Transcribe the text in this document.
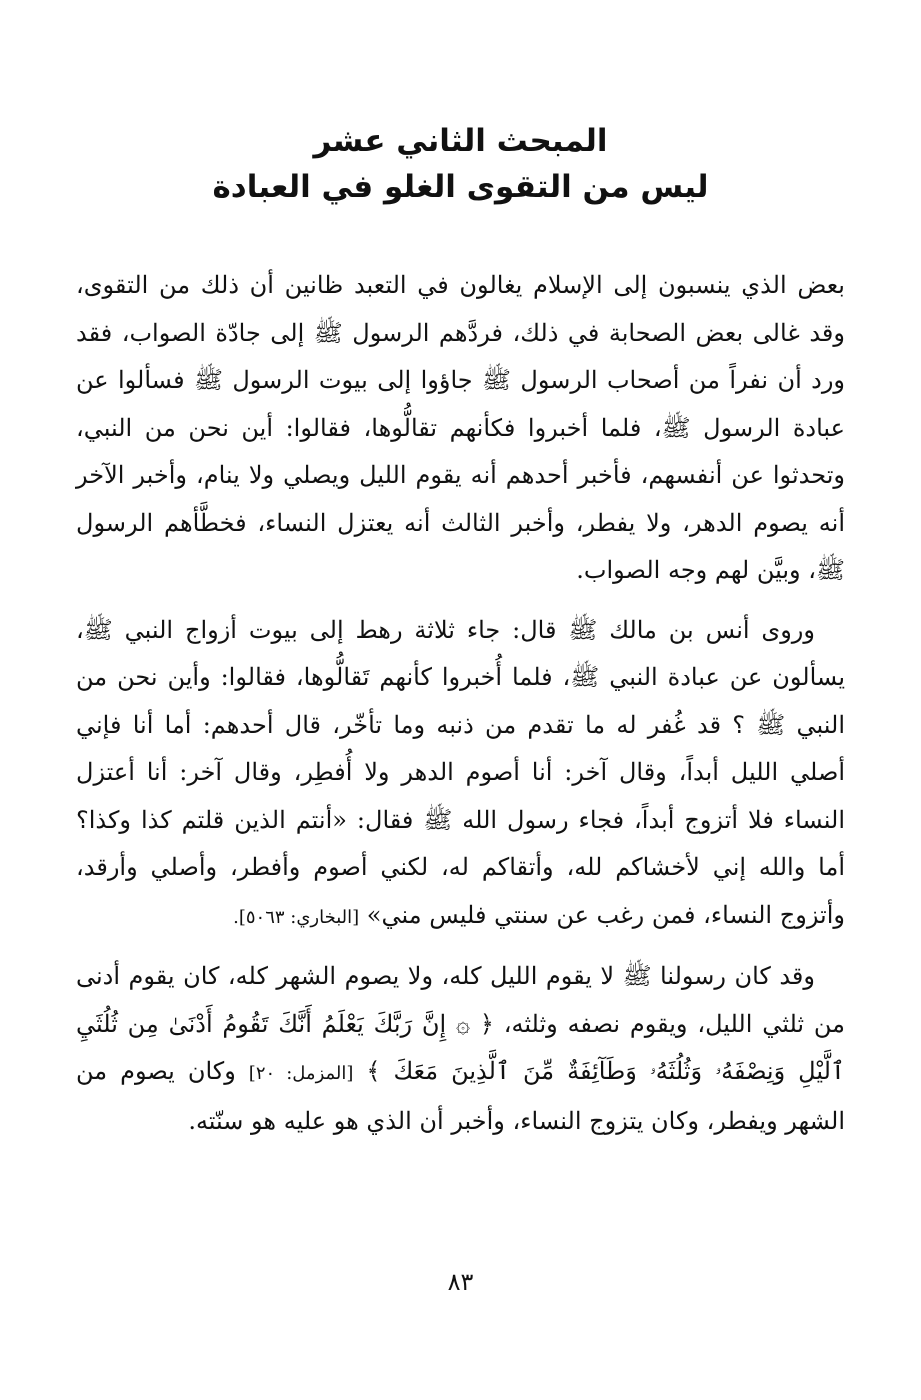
المبحث الثاني عشر
ليس من التقوى الغلو في العبادة

بعض الذي ينسبون إلى الإسلام يغالون في التعبد ظانين أن ذلك من التقوى، وقد غالى بعض الصحابة في ذلك، فردَّهم الرسول ﷺ إلى جادّة الصواب، فقد ورد أن نفراً من أصحاب الرسول ﷺ جاؤوا إلى بيوت الرسول ﷺ فسألوا عن عبادة الرسول ﷺ، فلما أخبروا فكأنهم تقالُّوها، فقالوا: أين نحن من النبي، وتحدثوا عن أنفسهم، فأخبر أحدهم أنه يقوم الليل ويصلي ولا ينام، وأخبر الآخر أنه يصوم الدهر، ولا يفطر، وأخبر الثالث أنه يعتزل النساء، فخطَّأهم الرسول ﷺ، وبيَّن لهم وجه الصواب.

وروى أنس بن مالك ﷺ قال: جاء ثلاثة رهط إلى بيوت أزواج النبي ﷺ، يسألون عن عبادة النبي ﷺ، فلما أُخبروا كأنهم تَقالُّوها، فقالوا: وأين نحن من النبي ﷺ ؟ قد غُفر له ما تقدم من ذنبه وما تأخّر، قال أحدهم: أما أنا فإني أصلي الليل أبداً، وقال آخر: أنا أصوم الدهر ولا أُفطِر، وقال آخر: أنا أعتزل النساء فلا أتزوج أبداً، فجاء رسول الله ﷺ فقال: «أنتم الذين قلتم كذا وكذا؟ أما والله إني لأخشاكم لله، وأتقاكم له، لكني أصوم وأفطر، وأصلي وأرقد، وأتزوج النساء، فمن رغب عن سنتي فليس مني» [البخاري: ٥٠٦٣].

وقد كان رسولنا ﷺ لا يقوم الليل كله، ولا يصوم الشهر كله، كان يقوم أدنى من ثلثي الليل، ويقوم نصفه وثلثه، ﴿ ۞ إِنَّ رَبَّكَ يَعْلَمُ أَنَّكَ تَقُومُ أَدْنَىٰ مِن ثُلُثَيِ ٱلَّيْلِ وَنِصْفَهُۥ وَثُلُثَهُۥ وَطَآئِفَةٌ مِّنَ ٱلَّذِينَ مَعَكَ ﴾ [المزمل: ٢٠] وكان يصوم من الشهر ويفطر، وكان يتزوج النساء، وأخبر أن الذي هو عليه هو سنّته.

٨٣
